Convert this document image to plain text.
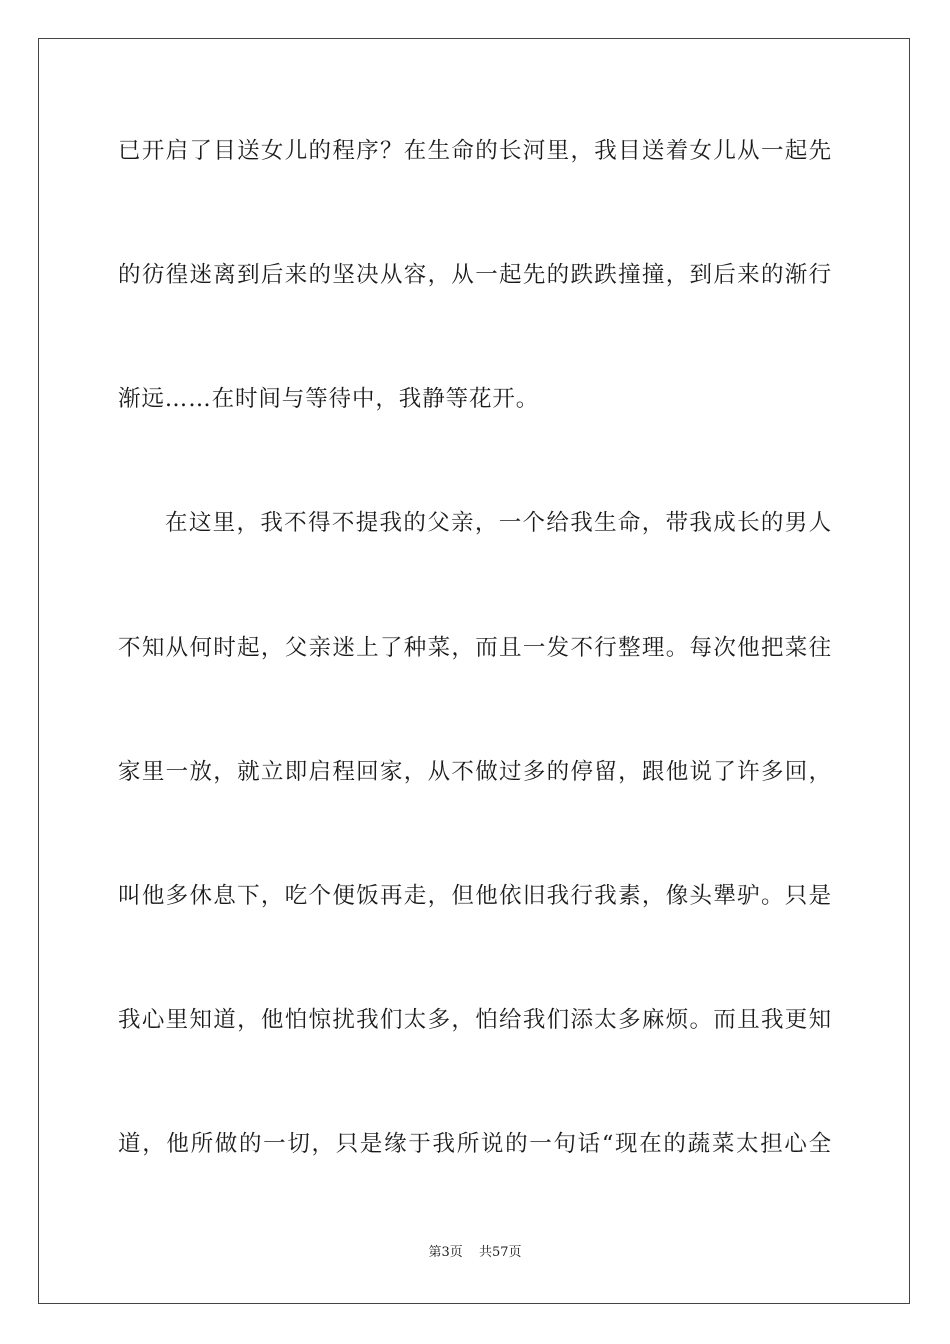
已开启了目送女儿的程序？在生命的长河里，我目送着女儿从一起先
的彷徨迷离到后来的坚决从容，从一起先的跌跌撞撞，到后来的渐行
渐远……在时间与等待中，我静等花开。
在这里，我不得不提我的父亲，一个给我生命，带我成长的男人
不知从何时起，父亲迷上了种菜，而且一发不行整理。每次他把菜往
家里一放，就立即启程回家，从不做过多的停留，跟他说了许多回，
叫他多休息下，吃个便饭再走，但他依旧我行我素，像头犟驴。只是
我心里知道，他怕惊扰我们太多，怕给我们添太多麻烦。而且我更知
道，他所做的一切，只是缘于我所说的一句话“现在的蔬菜太担心全
第3页 共57页
